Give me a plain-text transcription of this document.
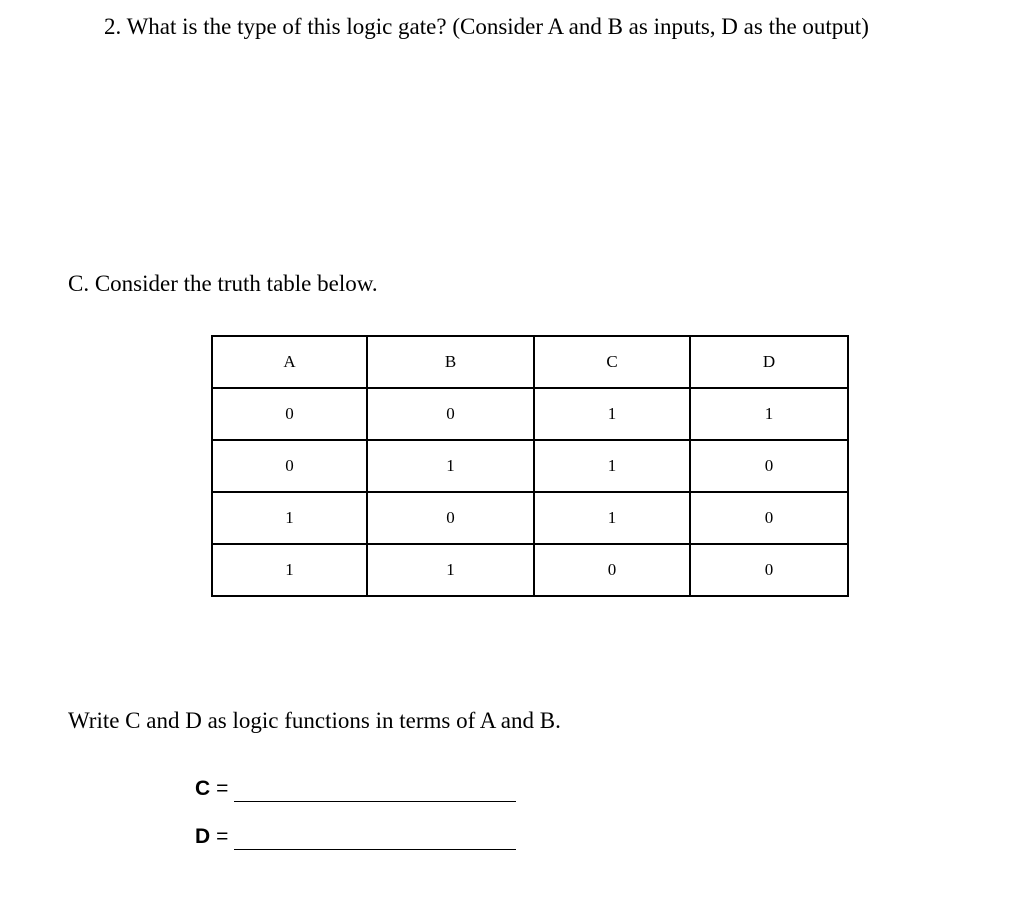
2. What is the type of this logic gate? (Consider A and B as inputs, D as the output)
C. Consider the truth table below.
A	B	C	D
0	0	1	1
0	1	1	0
1	0	1	0
1	1	0	0
Write C and D as logic functions in terms of A and B.
C =
D =
